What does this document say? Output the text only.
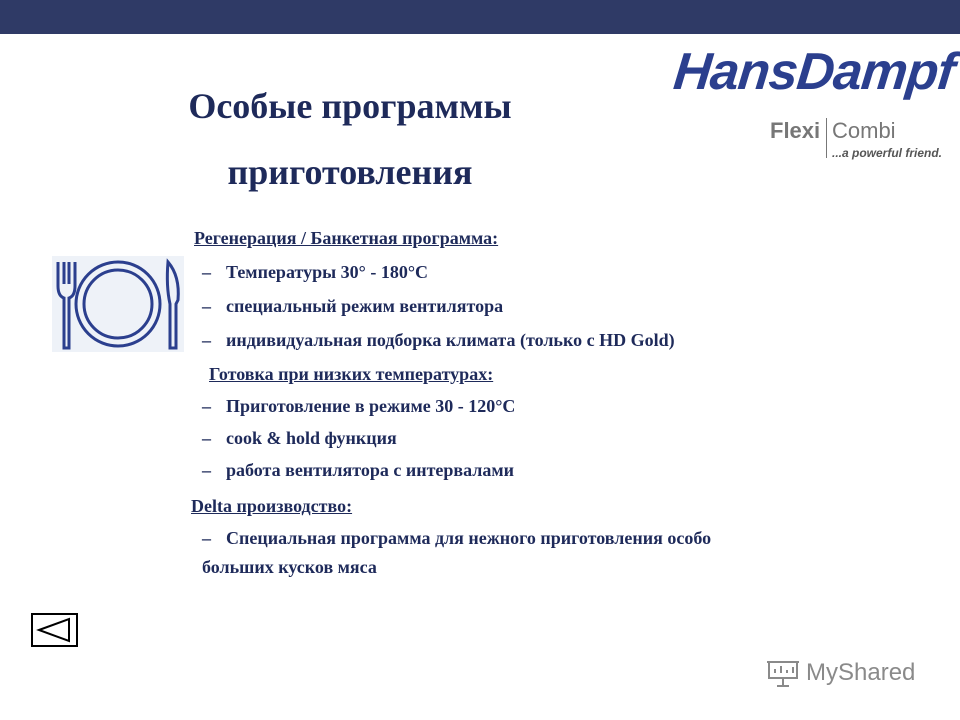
Особые программы
приготовления
HansDampf
Flexi Combi
...a powerful friend.

Регенерация / Банкетная программа:

– Температуры 30° - 180°C

– специальный режим вентилятора

– индивидуальная подборка климата (только с HD Gold)

Готовка при низких температурах:

– Приготовление в режиме 30 - 120°C

– cook & hold функция

– работа вентилятора с интервалами

Delta производство:

– Специальная программа для нежного приготовления особо

больших кусков мяса

MyShared
